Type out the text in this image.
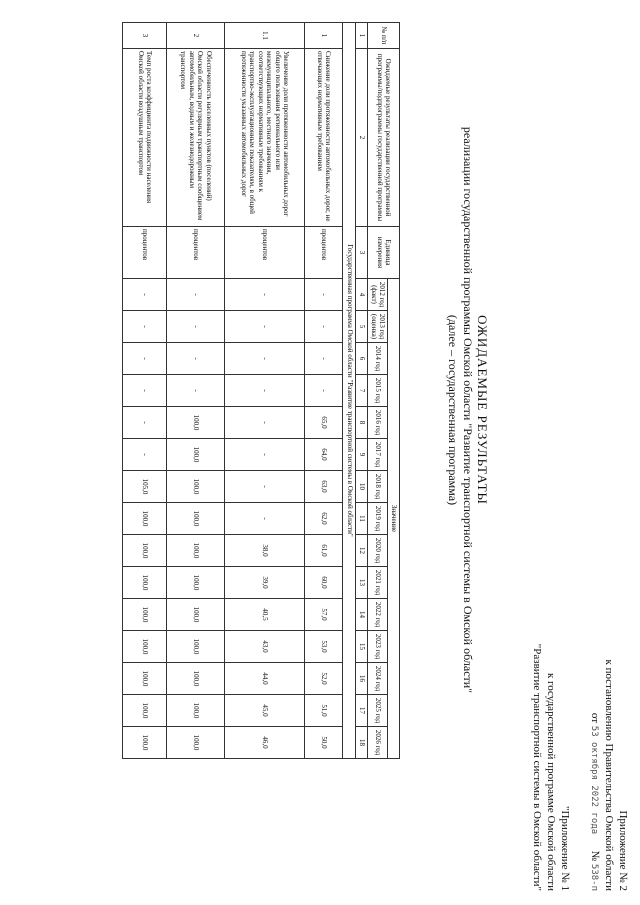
Приложение № 2
к постановлению Правительства Омской области
от 53 октября 2022 года      № 538-п
"Приложение № 1
к государственной программе Омской области
"Развитие транспортной системы в Омской области"
ОЖИДАЕМЫЕ РЕЗУЛЬТАТЫ
реализации государственной программы Омской области "Развитие транспортной системы в Омской области"
(далее – государственная программа)
№ п/п	Ожидаемые результаты реализации государственной программы/подпрограммы государственной программы	Единица измерения	Значение														
			2012 год (факт)	2013 год (оценка)	2014 год	2015 год	2016 год	2017 год	2018 год	2019 год	2020 год	2021 год	2022 год	2023 год	2024 год	2025 год	2026 год
1	2	3	4	5	6	7	8	9	10	11	12	13	14	15	16	17	18
Государственная программа Омской области "Развитие транспортной системы в Омской области"																	
1	Снижение доли протяженности автомобильных дорог, не отвечающих нормативным требованиям	процентов	-	-	-	-	65,0	64,0	63,0	62,0	61,0	60,0	57,0	53,0	52,0	51,0	50,0
1.1	Увеличение доли протяженности автомобильных дорог общего пользования регионального или межмуниципального, местного значения, соответствующих нормативным требованиям к транспортно-эксплуатационным показателям, в общей протяженности указанных автомобильных дорог	процентов	-	-	-	-	-	-	-	-	38,0	39,0	40,5	43,0	44,0	45,0	46,0
2	Обеспеченность населенных пунктов (поселений) Омской области регулярным транспортным сообщением автомобильным, водным и железнодорожным транспортом	процентов	-	-	-	-	100,0	100,0	100,0	100,0	100,0	100,0	100,0	100,0	100,0	100,0	100,0
3	Темп роста коэффициента подвижности населения Омской области воздушным транспортом	процентов	-	-	-	-	-	-	105,0	100,0	100,0	100,0	100,0	100,0	100,0	100,0	100,0
